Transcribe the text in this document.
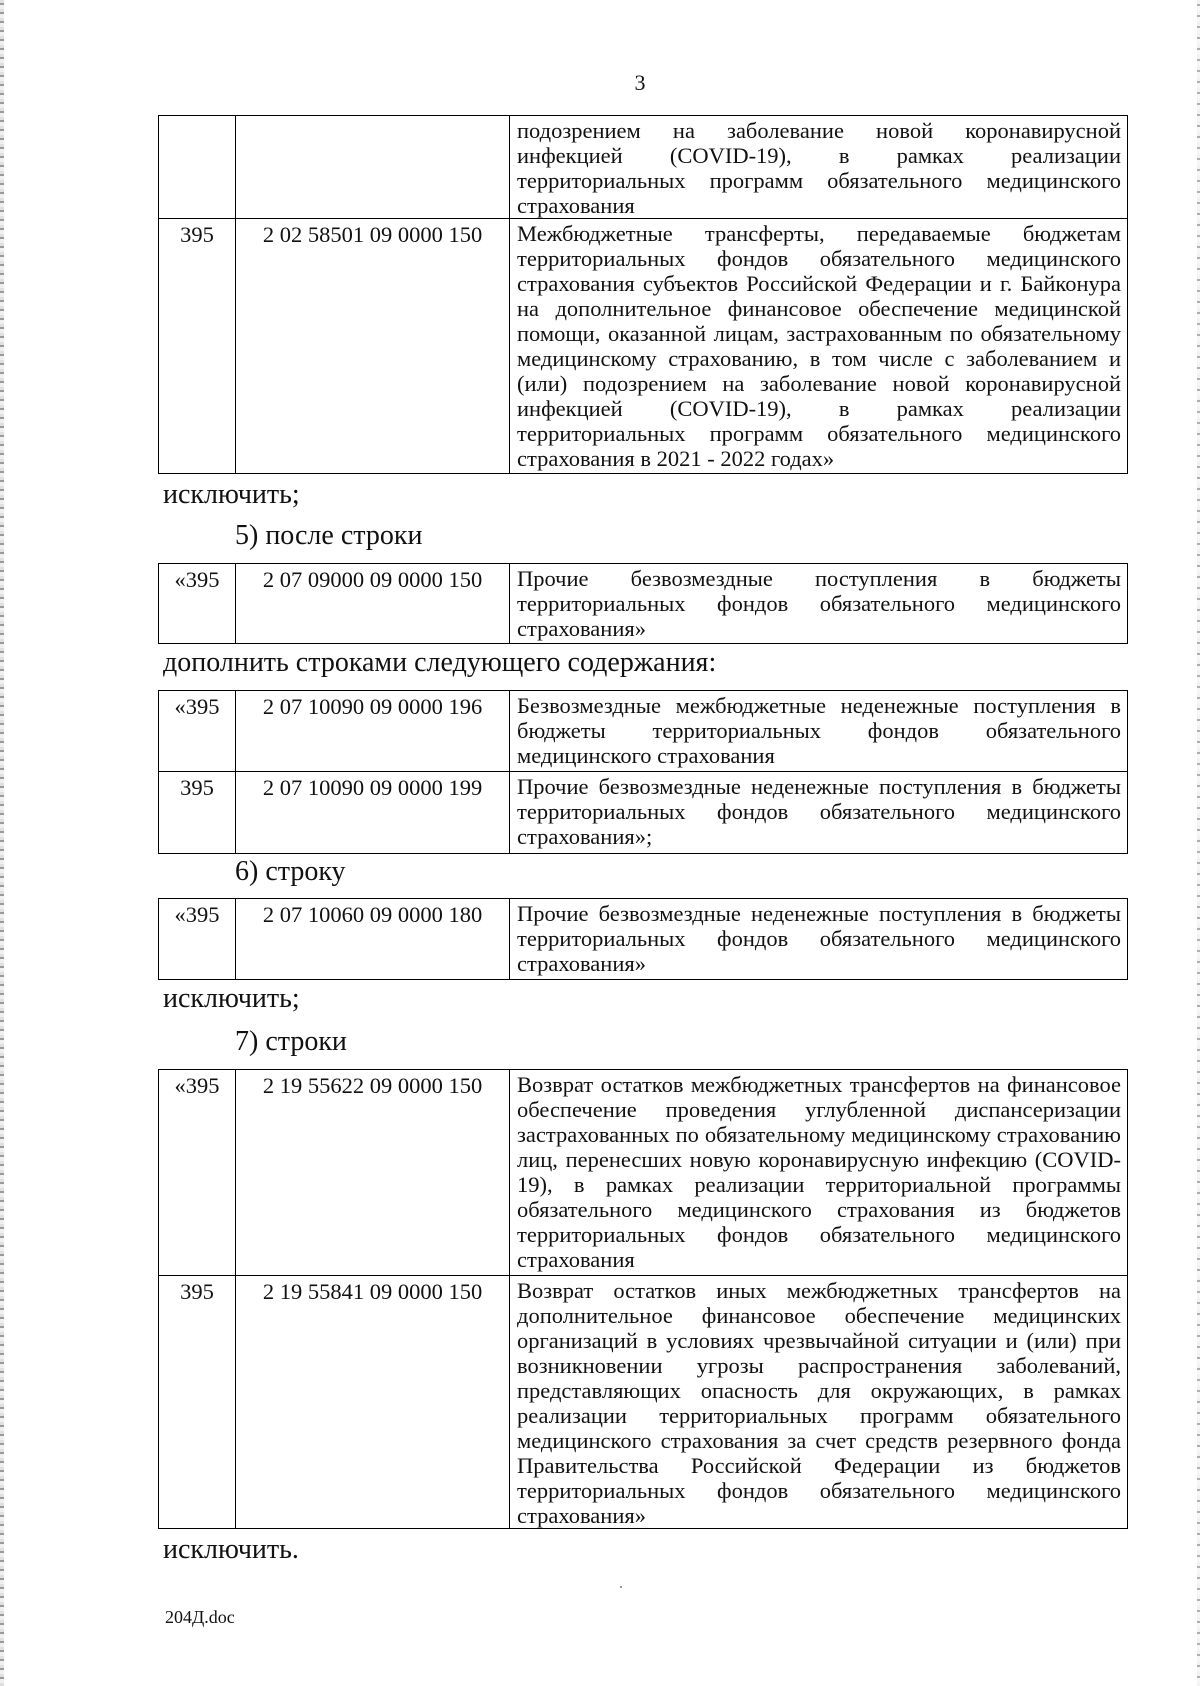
3
		подозрением на заболевание новой коронавирусной инфекцией (COVID-19), в рамках реализации территориальных программ обязательного медицинского страхования
395	2 02 58501 09 0000 150	Межбюджетные трансферты, передаваемые бюджетам территориальных фондов обязательного медицинского страхования субъектов Российской Федерации и г. Байконура на дополнительное финансовое обеспечение медицинской помощи, оказанной лицам, застрахованным по обязательному медицинскому страхованию, в том числе с заболеванием и (или) подозрением на заболевание новой коронавирусной инфекцией (COVID-19), в рамках реализации территориальных программ обязательного медицинского страхования в 2021 - 2022 годах»
исключить;
5) после строки
«395	2 07 09000 09 0000 150	Прочие безвозмездные поступления в бюджеты территориальных фондов обязательного медицинского страхования»
дополнить строками следующего содержания:
«395	2 07 10090 09 0000 196	Безвозмездные межбюджетные неденежные поступления в бюджеты территориальных фондов обязательного медицинского страхования
395	2 07 10090 09 0000 199	Прочие безвозмездные неденежные поступления в бюджеты территориальных фондов обязательного медицинского страхования»;
6) строку
«395	2 07 10060 09 0000 180	Прочие безвозмездные неденежные поступления в бюджеты территориальных фондов обязательного медицинского страхования»
исключить;
7) строки
«395	2 19 55622 09 0000 150	Возврат остатков межбюджетных трансфертов на финансовое обеспечение проведения углубленной диспансеризации застрахованных по обязательному медицинскому страхованию лиц, перенесших новую коронавирусную инфекцию (COVID-19), в рамках реализации территориальной программы обязательного медицинского страхования из бюджетов территориальных фондов обязательного медицинского страхования
395	2 19 55841 09 0000 150	Возврат остатков иных межбюджетных трансфертов на дополнительное финансовое обеспечение медицинских организаций в условиях чрезвычайной ситуации и (или) при возникновении угрозы распространения заболеваний, представляющих опасность для окружающих, в рамках реализации территориальных программ обязательного медицинского страхования за счет средств резервного фонда Правительства Российской Федерации из бюджетов территориальных фондов обязательного медицинского страхования»
исключить.
204Д.doc
